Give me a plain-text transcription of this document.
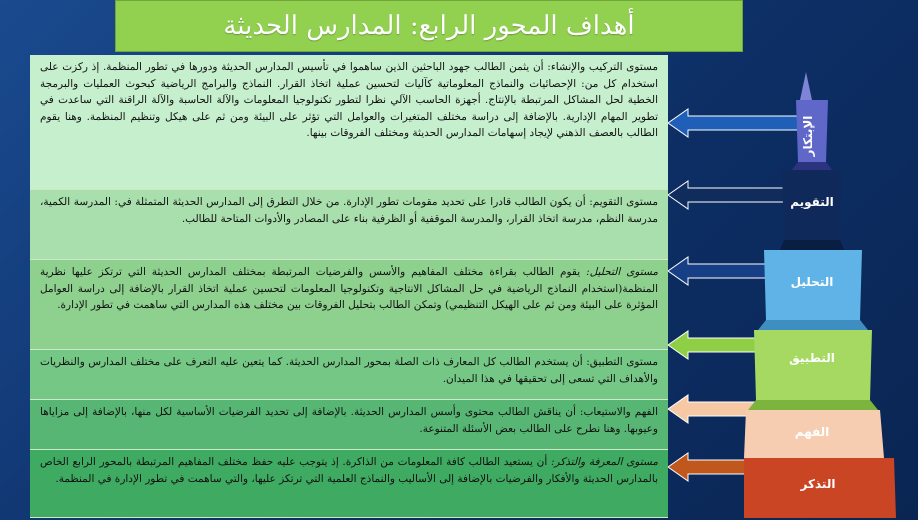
أهداف المحور الرابع: المدارس الحديثة
مستوى التركيب والإنشاء: أن يثمن الطالب جهود الباحثين الذين ساهموا في تأسيس المدارس الحديثة ودورها في تطور المنظمة. إذ ركزت على استخدام كل من: الإحصائيات والنماذج المعلوماتية كآليات لتحسين عملية اتخاذ القرار. النماذج والبرامج الرياضية كبحوث العمليات والبرمجة الخطية لحل المشاكل المرتبطة بالإنتاج. أجهزة الحاسب الآلي نظرا لتطور تكنولوجيا المعلومات والآلة الحاسبة والآلة الراقنة التي ساعدت في تطوير المهام الإدارية. بالإضافة إلى دراسة مختلف المتغيرات والعوامل التي تؤثر على البيئة ومن ثم على هيكل وتنظيم المنظمة. وهنا يقوم الطالب بالعصف الذهني لإيجاد إسهامات المدارس الحديثة ومختلف الفروقات بينها.
مستوى التقويم: أن يكون الطالب قادرا على تحديد مقومات تطور الإدارة. من خلال التطرق إلى المدارس الحديثة المتمثلة في: المدرسة الكمية، مدرسة النظم، مدرسة اتخاذ القرار، والمدرسة الموقفية أو الظرفية بناء على المصادر والأدوات المتاحة للطالب.
مستوى التحليل: يقوم الطالب بقراءة مختلف المفاهيم والأسس والفرضيات المرتبطة بمختلف المدارس الحديثة التي ترتكز عليها نظرية المنظمة(استخدام النماذج الرياضية في حل المشاكل الانتاجية وتكنولوجيا المعلومات لتحسين عملية اتخاذ القرار بالإضافة إلى دراسة العوامل المؤثرة على البيئة ومن ثم على الهيكل التنظيمي) وتمكن الطالب بتحليل الفروقات بين مختلف هذه المدارس التي ساهمت في تطور الإدارة.
مستوى التطبيق: أن يستخدم الطالب كل المعارف ذات الصلة بمحور المدارس الحديثة. كما يتعين عليه التعرف على مختلف المدارس والنظريات والأهداف التي تسعى إلى تحقيقها في هذا الميدان.
الفهم والاستيعاب: أن يناقش الطالب محتوى وأسس المدارس الحديثة. بالإضافة إلى تحديد الفرضيات الأساسية لكل منها، بالإضافة إلى مزاياها وعيوبها. وهنا نطرح على الطالب بعض الأسئلة المتنوعة.
مستوى المعرفة والتذكر: أن يستعيد الطالب كافة المعلومات من الذاكرة. إذ يتوجب عليه حفظ مختلف المفاهيم المرتبطة بالمحور الرابع الخاص بالمدارس الحديثة والأفكار والفرضيات بالإضافة إلى الأساليب والنماذج العلمية التي ترتكز عليها، والتي ساهمت في تطور الإدارة في المنظمة.
الإبتكار
التقويم
التحليل
التطبيق
الفهم
التذكر
